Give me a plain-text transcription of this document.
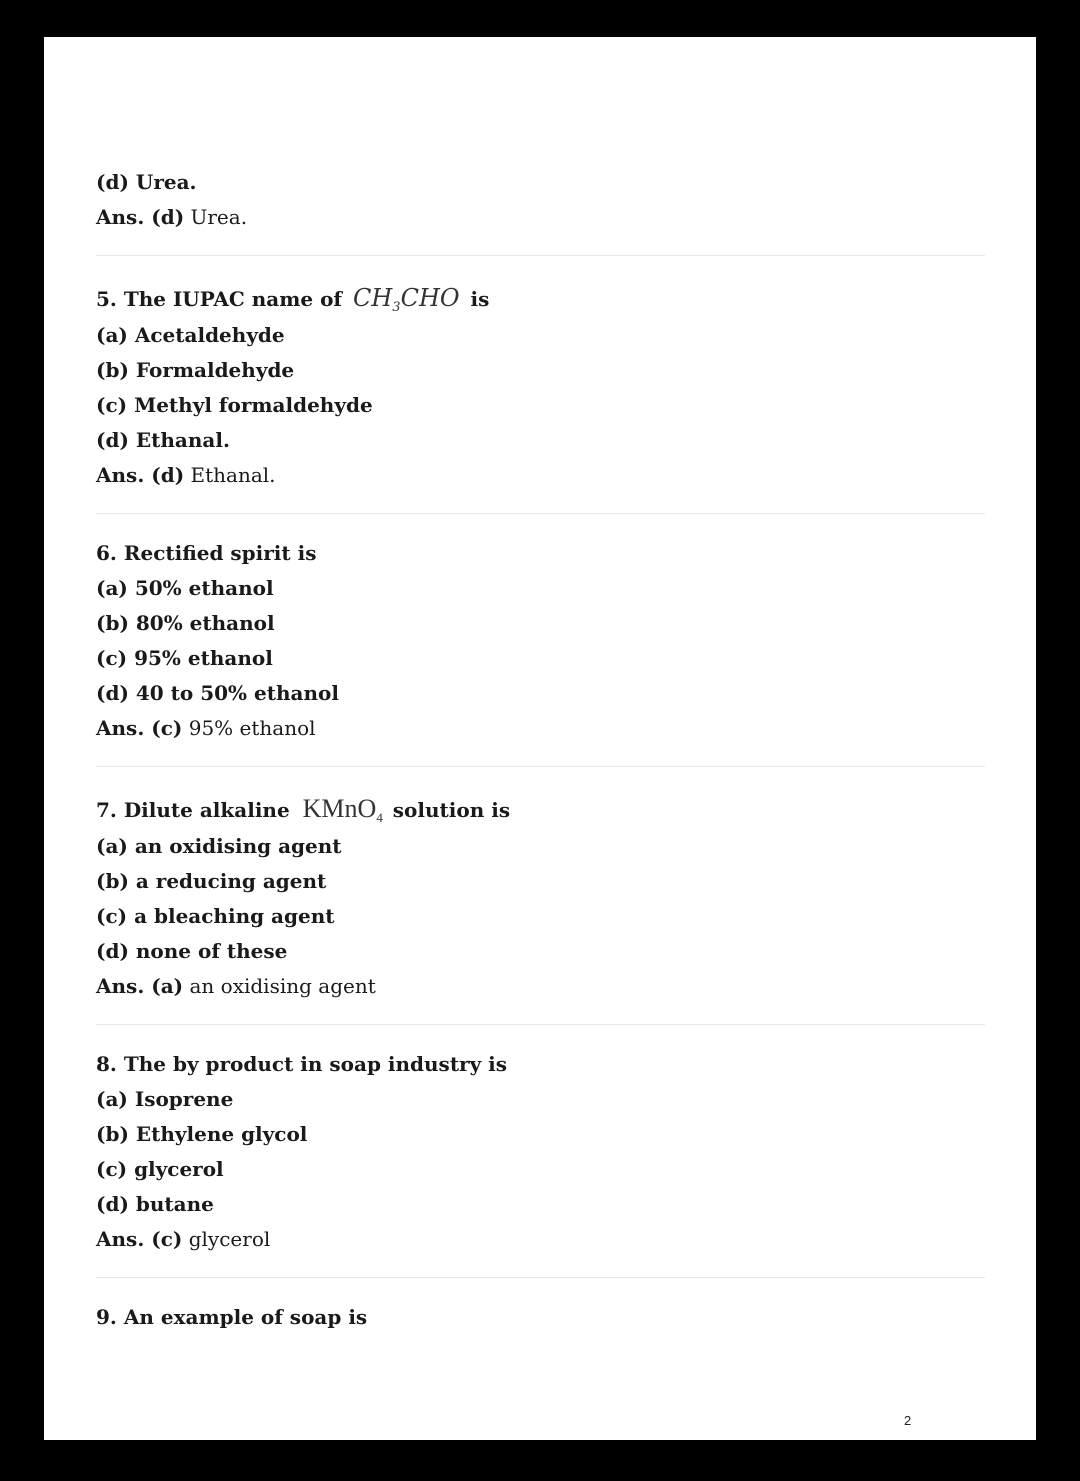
(d) Urea.
Ans. (d) Urea.
5. The IUPAC name of $CH_3CHO$ is
(a) Acetaldehyde
(b) Formaldehyde
(c) Methyl formaldehyde
(d) Ethanal.
Ans. (d) Ethanal.
6. Rectified spirit is
(a) 50% ethanol
(b) 80% ethanol
(c) 95% ethanol
(d) 40 to 50% ethanol
Ans. (c) 95% ethanol
7. Dilute alkaline KMnO$_4$ solution is
(a) an oxidising agent
(b) a reducing agent
(c) a bleaching agent
(d) none of these
Ans. (a) an oxidising agent
8. The by product in soap industry is
(a) Isoprene
(b) Ethylene glycol
(c) glycerol
(d) butane
Ans. (c) glycerol
9. An example of soap is
2
